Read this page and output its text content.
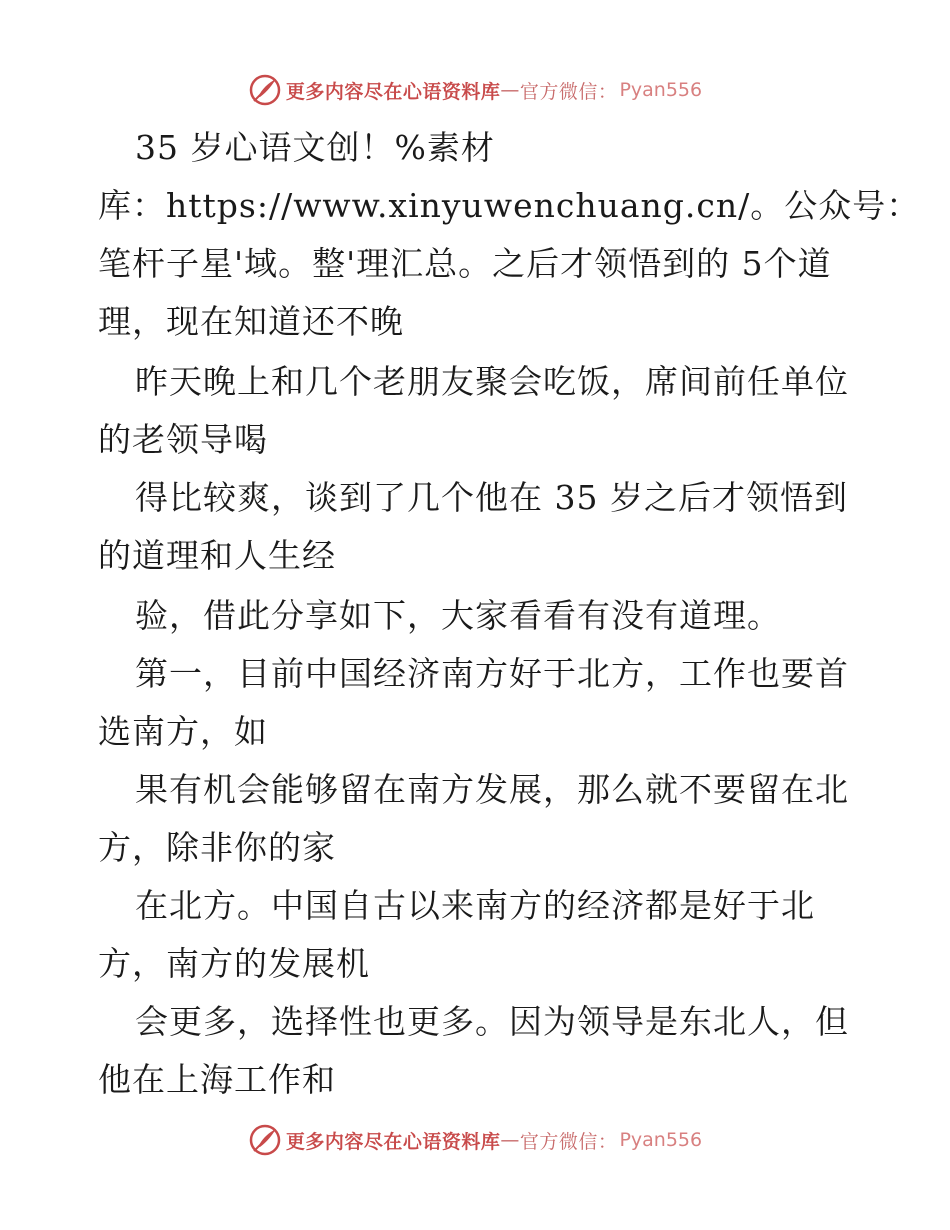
更多内容尽在心语资料库 — 官方微信： Pyan556
35 岁心语文创！%素材
库：https://www.xinyuwenchuang.cn/。公众号：
笔杆子星'域。整'理汇总。之后才领悟到的 5个道
理，现在知道还不晚
昨天晚上和几个老朋友聚会吃饭，席间前任单位
的老领导喝
得比较爽，谈到了几个他在 35 岁之后才领悟到
的道理和人生经
验，借此分享如下，大家看看有没有道理。
第一，目前中国经济南方好于北方，工作也要首
选南方，如
果有机会能够留在南方发展，那么就不要留在北
方，除非你的家
在北方。中国自古以来南方的经济都是好于北
方，南方的发展机
会更多，选择性也更多。因为领导是东北人，但
他在上海工作和
更多内容尽在心语资料库 — 官方微信： Pyan556
